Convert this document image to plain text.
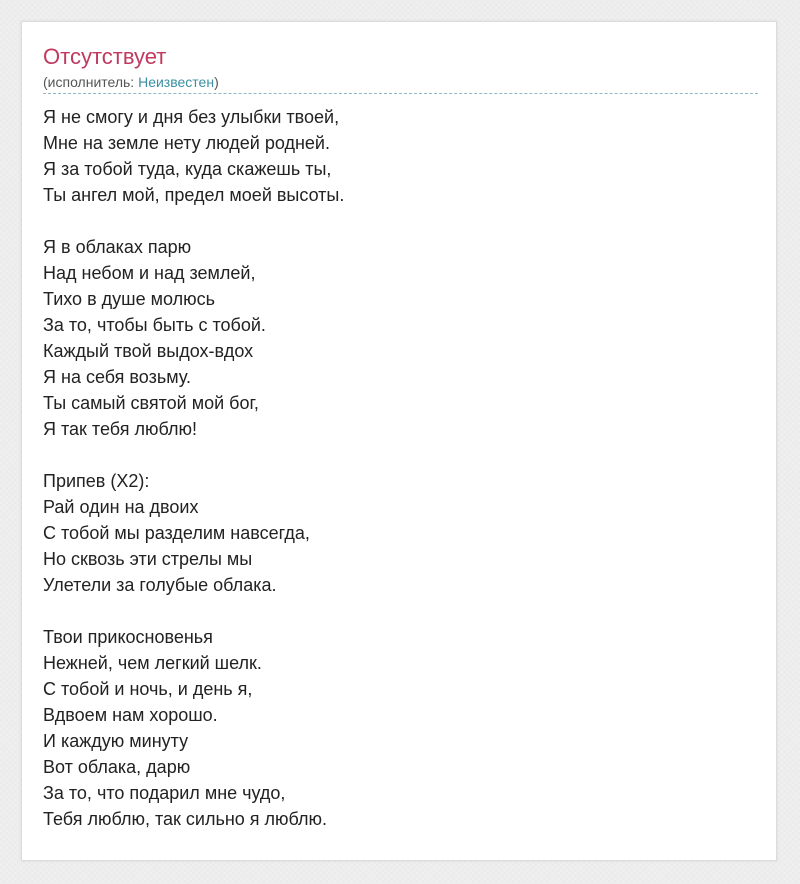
Отсутствует
(исполнитель: Неизвестен)
Я не смогу и дня без улыбки твоей,
Мне на земле нету людей родней.
Я за тобой туда, куда скажешь ты,
Ты ангел мой, предел моей высоты.
Я в облаках парю
Над небом и над землей,
Тихо в душе молюсь
За то, чтобы быть с тобой.
Каждый твой выдох-вдох
Я на себя возьму.
Ты самый святой мой бог,
Я так тебя люблю!
Припев (X2):
Рай один на двоих
С тобой мы разделим навсегда,
Но сквозь эти стрелы мы
Улетели за голубые облака.
Твои прикосновенья
Нежней, чем легкий шелк.
С тобой и ночь, и день я,
Вдвоем нам хорошо.
И каждую минуту
Вот облака, дарю
За то, что подарил мне чудо,
Тебя люблю, так сильно я люблю.
